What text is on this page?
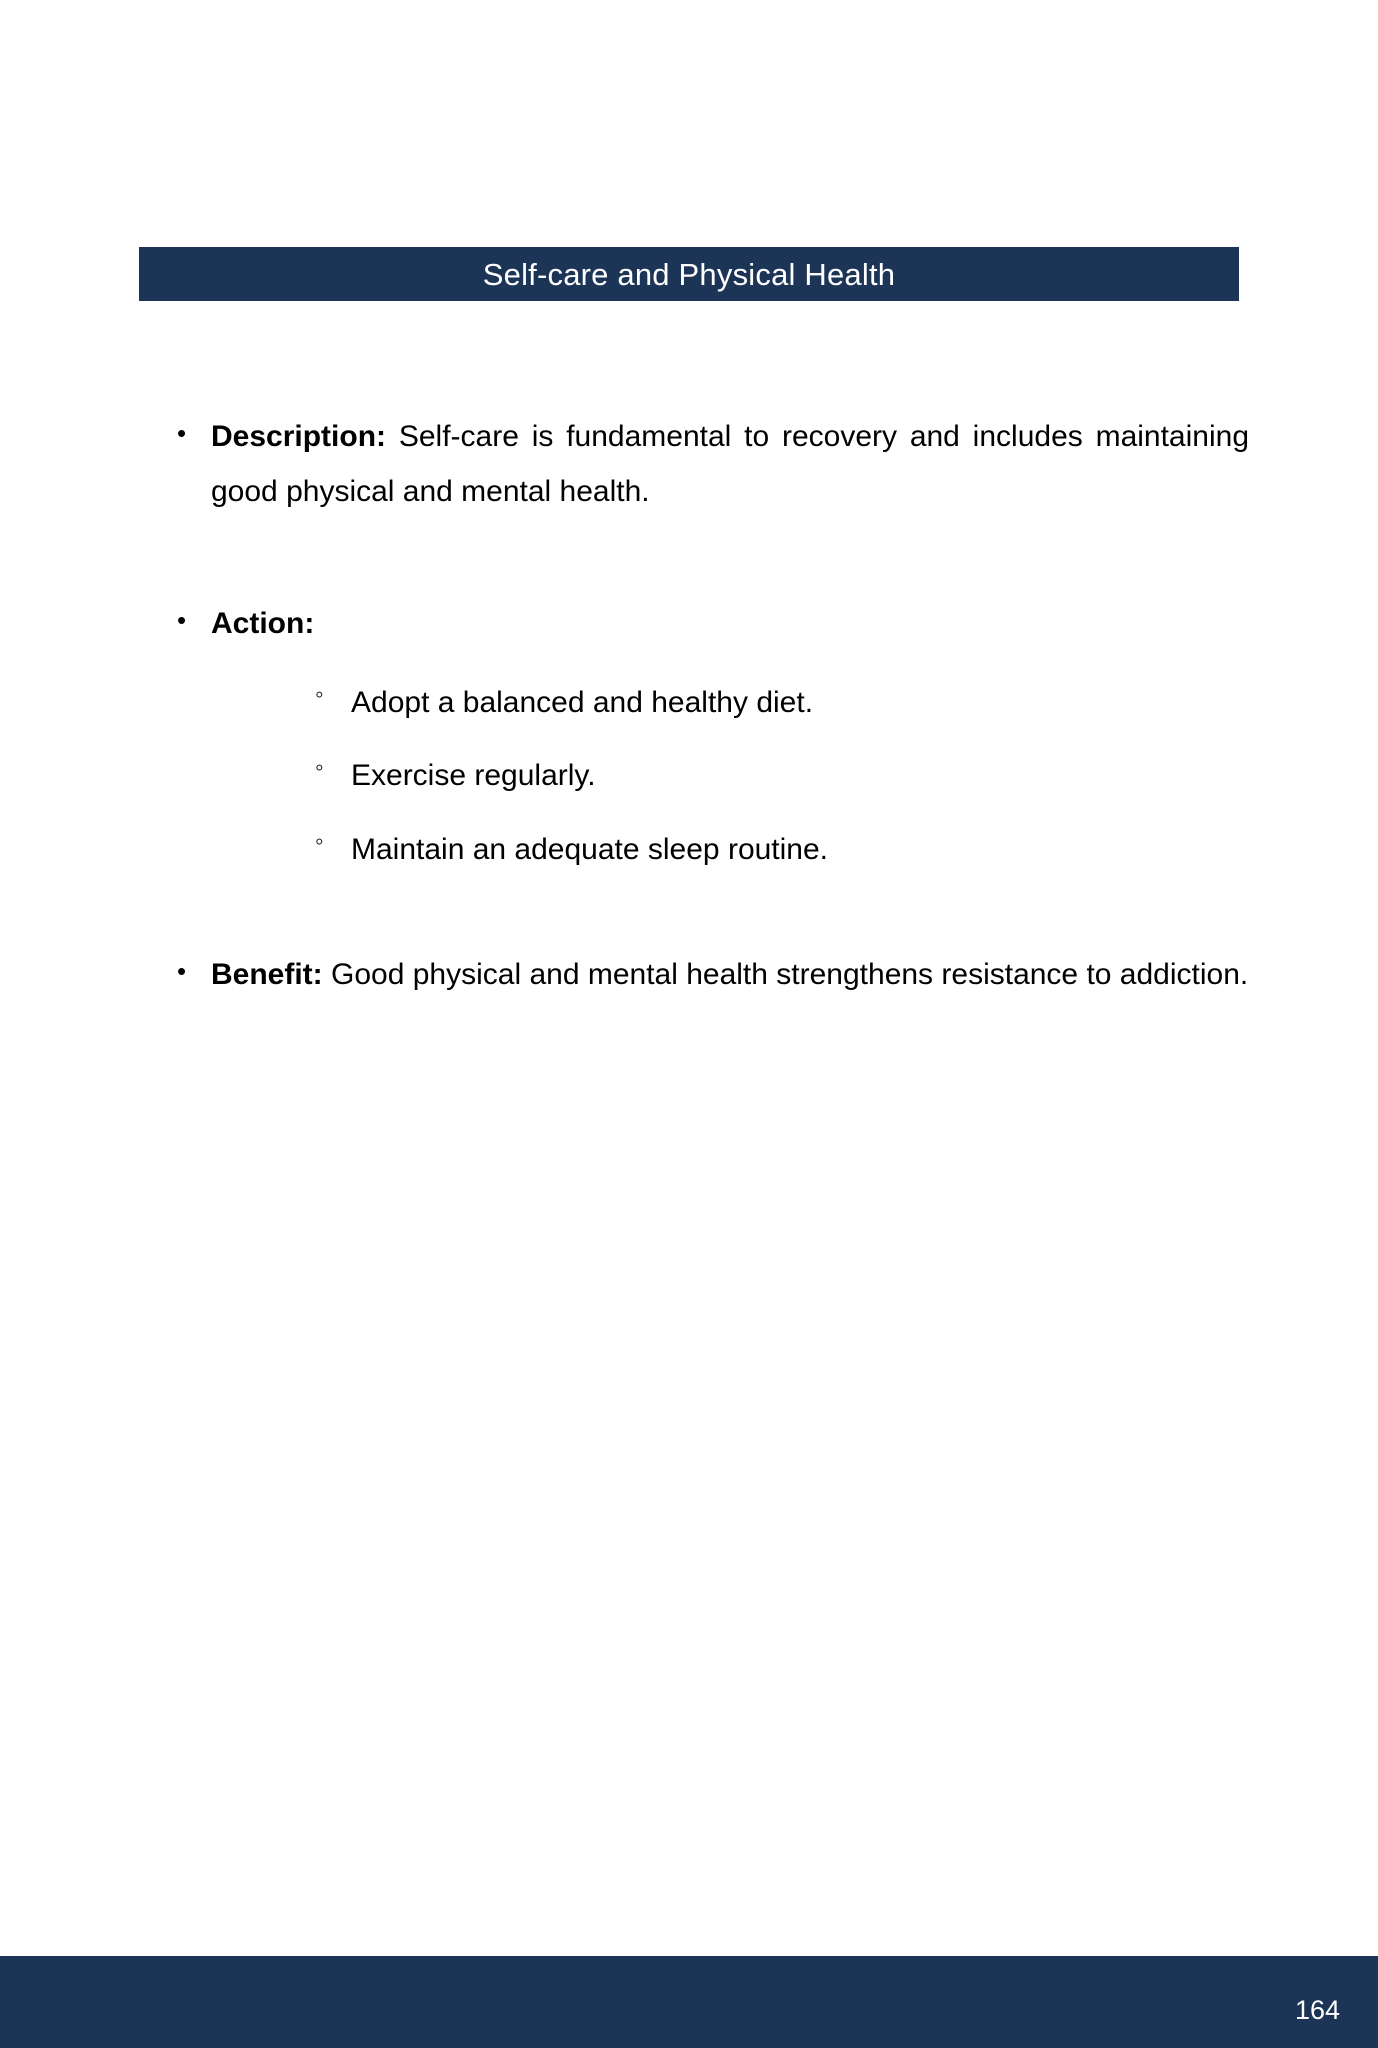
Self-care and Physical Health
• Description: Self-care is fundamental to recovery and includes maintaining good physical and mental health.
• Action:
◦ Adopt a balanced and healthy diet.
◦ Exercise regularly.
◦ Maintain an adequate sleep routine.
• Benefit: Good physical and mental health strengthens resistance to addiction.
164
